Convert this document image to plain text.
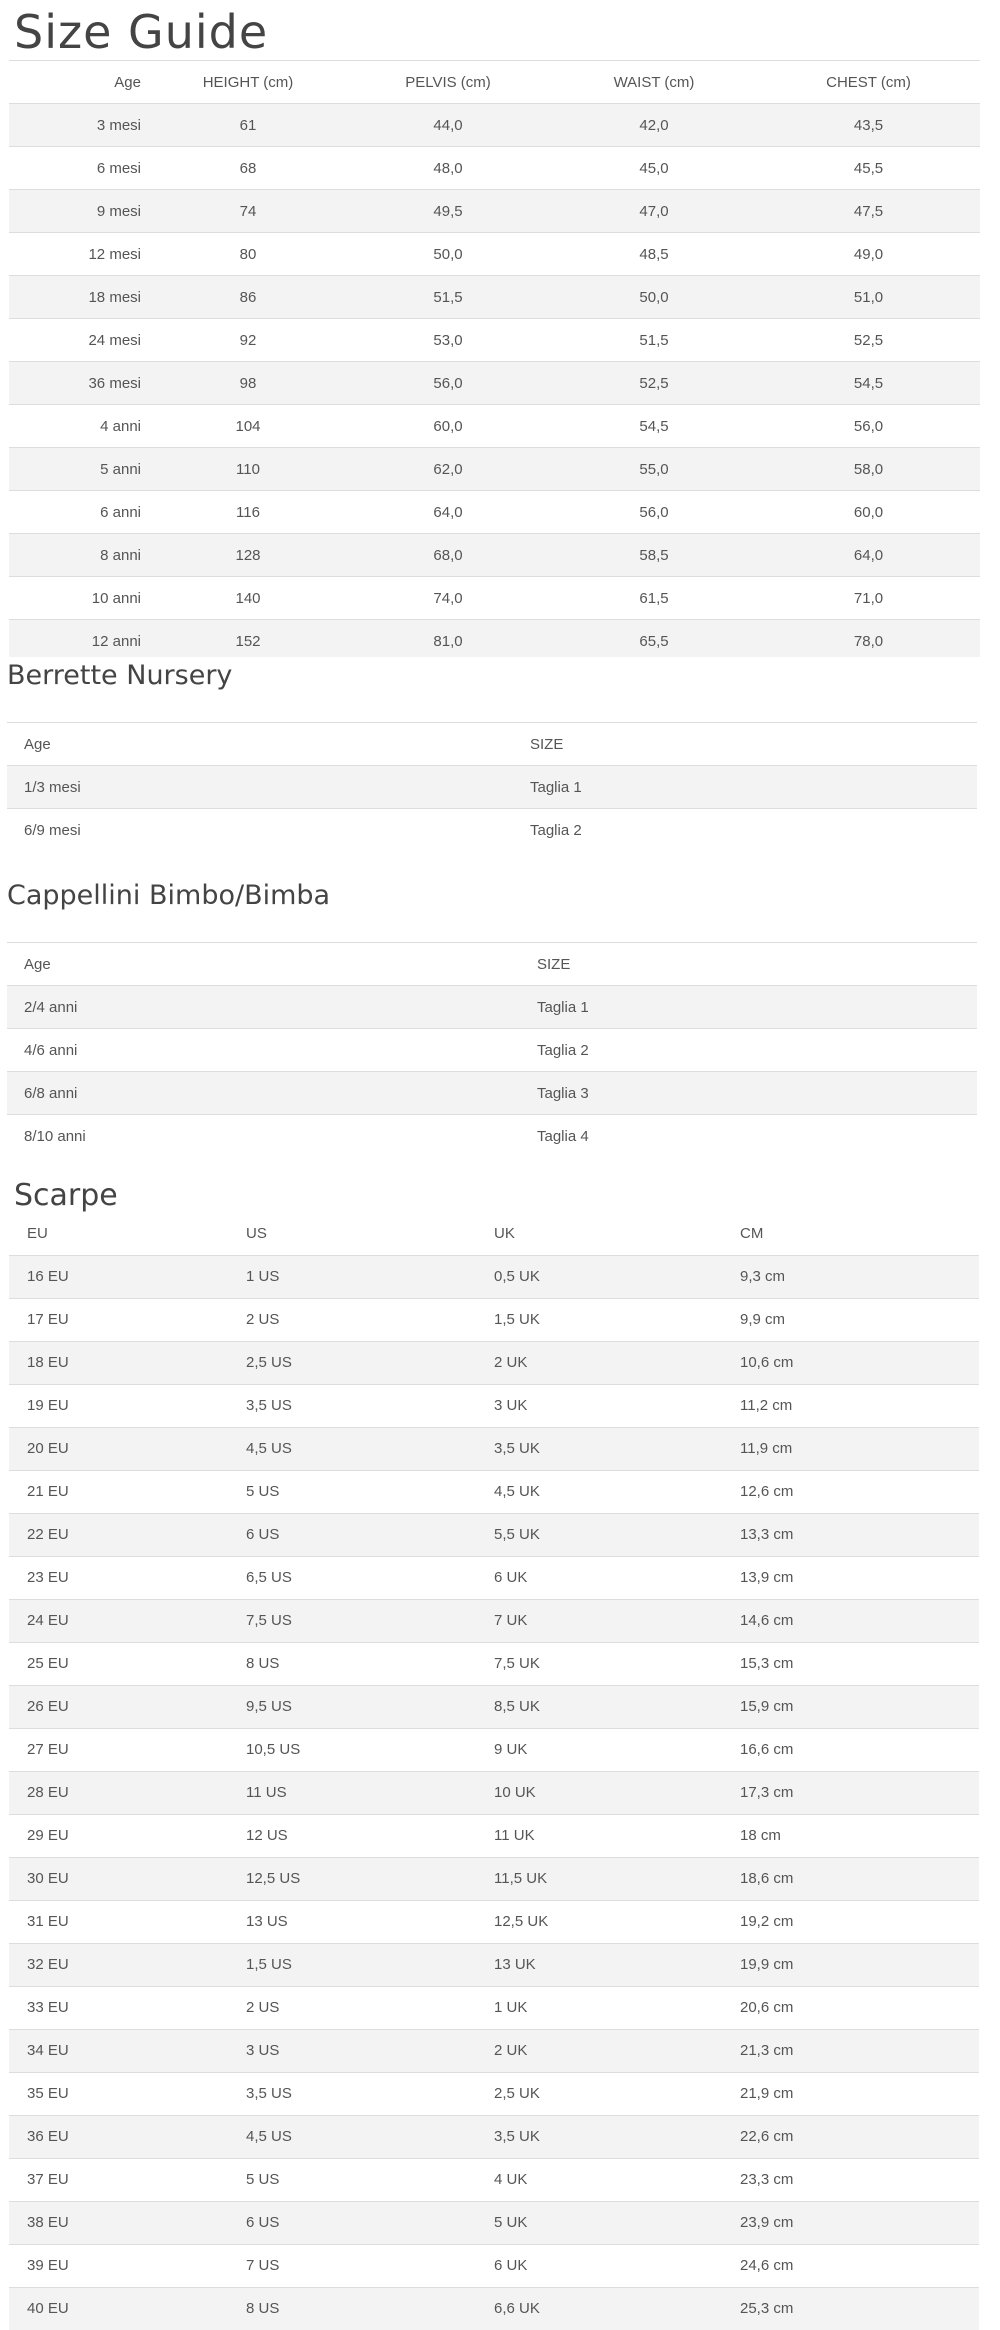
Size Guide
Age	HEIGHT (cm)	PELVIS (cm)	WAIST (cm)	CHEST (cm)
3 mesi	61	44,0	42,0	43,5
6 mesi	68	48,0	45,0	45,5
9 mesi	74	49,5	47,0	47,5
12 mesi	80	50,0	48,5	49,0
18 mesi	86	51,5	50,0	51,0
24 mesi	92	53,0	51,5	52,5
36 mesi	98	56,0	52,5	54,5
4 anni	104	60,0	54,5	56,0
5 anni	110	62,0	55,0	58,0
6 anni	116	64,0	56,0	60,0
8 anni	128	68,0	58,5	64,0
10 anni	140	74,0	61,5	71,0
12 anni	152	81,0	65,5	78,0
Berrette Nursery
Age	SIZE
1/3 mesi	Taglia 1
6/9 mesi	Taglia 2
Cappellini Bimbo/Bimba
Age	SIZE
2/4 anni	Taglia 1
4/6 anni	Taglia 2
6/8 anni	Taglia 3
8/10 anni	Taglia 4
Scarpe
EU	US	UK	CM
16 EU	1 US	0,5 UK	9,3 cm
17 EU	2 US	1,5 UK	9,9 cm
18 EU	2,5 US	2 UK	10,6 cm
19 EU	3,5 US	3 UK	11,2 cm
20 EU	4,5 US	3,5 UK	11,9 cm
21 EU	5 US	4,5 UK	12,6 cm
22 EU	6 US	5,5 UK	13,3 cm
23 EU	6,5 US	6 UK	13,9 cm
24 EU	7,5 US	7 UK	14,6 cm
25 EU	8 US	7,5 UK	15,3 cm
26 EU	9,5 US	8,5 UK	15,9 cm
27 EU	10,5 US	9 UK	16,6 cm
28 EU	11 US	10 UK	17,3 cm
29 EU	12 US	11 UK	18 cm
30 EU	12,5 US	11,5 UK	18,6 cm
31 EU	13 US	12,5 UK	19,2 cm
32 EU	1,5 US	13 UK	19,9 cm
33 EU	2 US	1 UK	20,6 cm
34 EU	3 US	2 UK	21,3 cm
35 EU	3,5 US	2,5 UK	21,9 cm
36 EU	4,5 US	3,5 UK	22,6 cm
37 EU	5 US	4 UK	23,3 cm
38 EU	6 US	5 UK	23,9 cm
39 EU	7 US	6 UK	24,6 cm
40 EU	8 US	6,6 UK	25,3 cm
